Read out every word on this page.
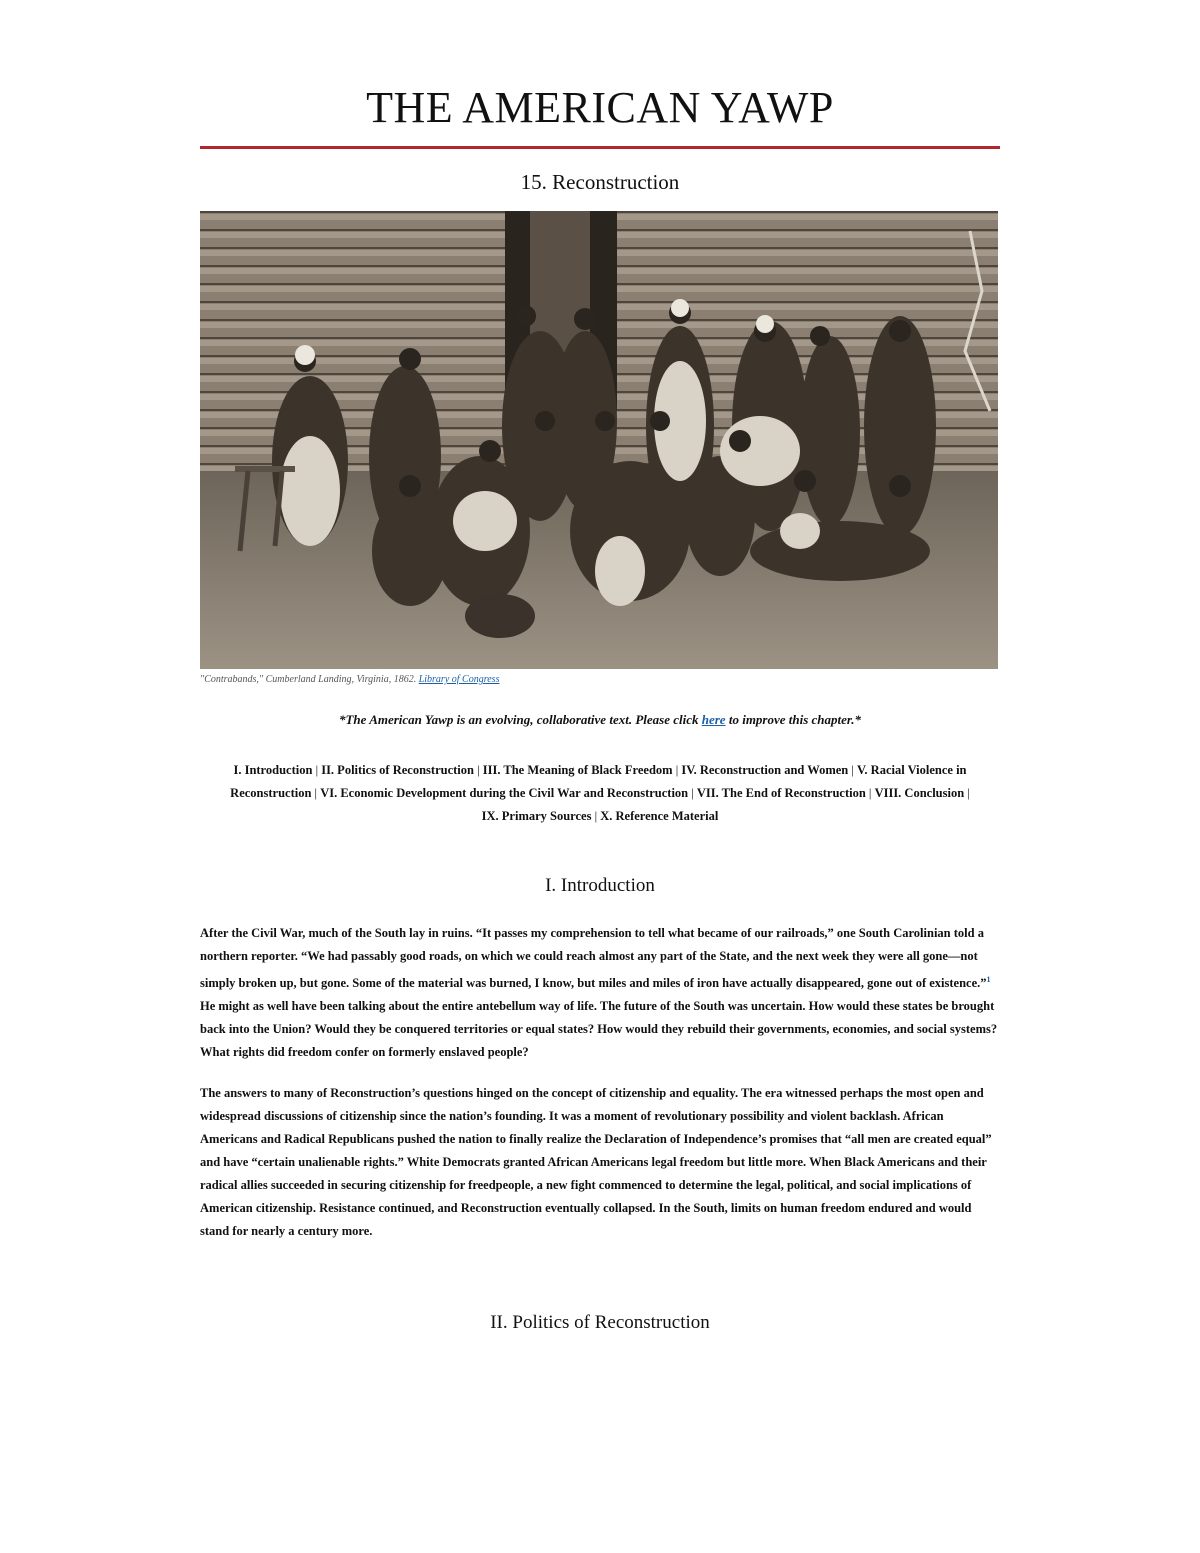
THE AMERICAN YAWP
15. Reconstruction
"Contrabands," Cumberland Landing, Virginia, 1862. Library of Congress
*The American Yawp is an evolving, collaborative text. Please click here to improve this chapter.*
I. Introduction | II. Politics of Reconstruction | III. The Meaning of Black Freedom | IV. Reconstruction and Women | V. Racial Violence in Reconstruction | VI. Economic Development during the Civil War and Reconstruction | VII. The End of Reconstruction | VIII. Conclusion | IX. Primary Sources | X. Reference Material
I. Introduction

After the Civil War, much of the South lay in ruins. “It passes my comprehension to tell what became of our railroads,” one South Carolinian told a northern reporter. “We had passably good roads, on which we could reach almost any part of the State, and the next week they were all gone—not simply broken up, but gone. Some of the material was burned, I know, but miles and miles of iron have actually disappeared, gone out of existence.”$^1$ He might as well have been talking about the entire antebellum way of life. The future of the South was uncertain. How would these states be brought back into the Union? Would they be conquered territories or equal states? How would they rebuild their governments, economies, and social systems? What rights did freedom confer on formerly enslaved people?

The answers to many of Reconstruction’s questions hinged on the concept of citizenship and equality. The era witnessed perhaps the most open and widespread discussions of citizenship since the nation’s founding. It was a moment of revolutionary possibility and violent backlash. African Americans and Radical Republicans pushed the nation to finally realize the Declaration of Independence’s promises that “all men are created equal” and have “certain unalienable rights.” White Democrats granted African Americans legal freedom but little more. When Black Americans and their radical allies succeeded in securing citizenship for freedpeople, a new fight commenced to determine the legal, political, and social implications of American citizenship. Resistance continued, and Reconstruction eventually collapsed. In the South, limits on human freedom endured and would stand for nearly a century more.

II. Politics of Reconstruction
